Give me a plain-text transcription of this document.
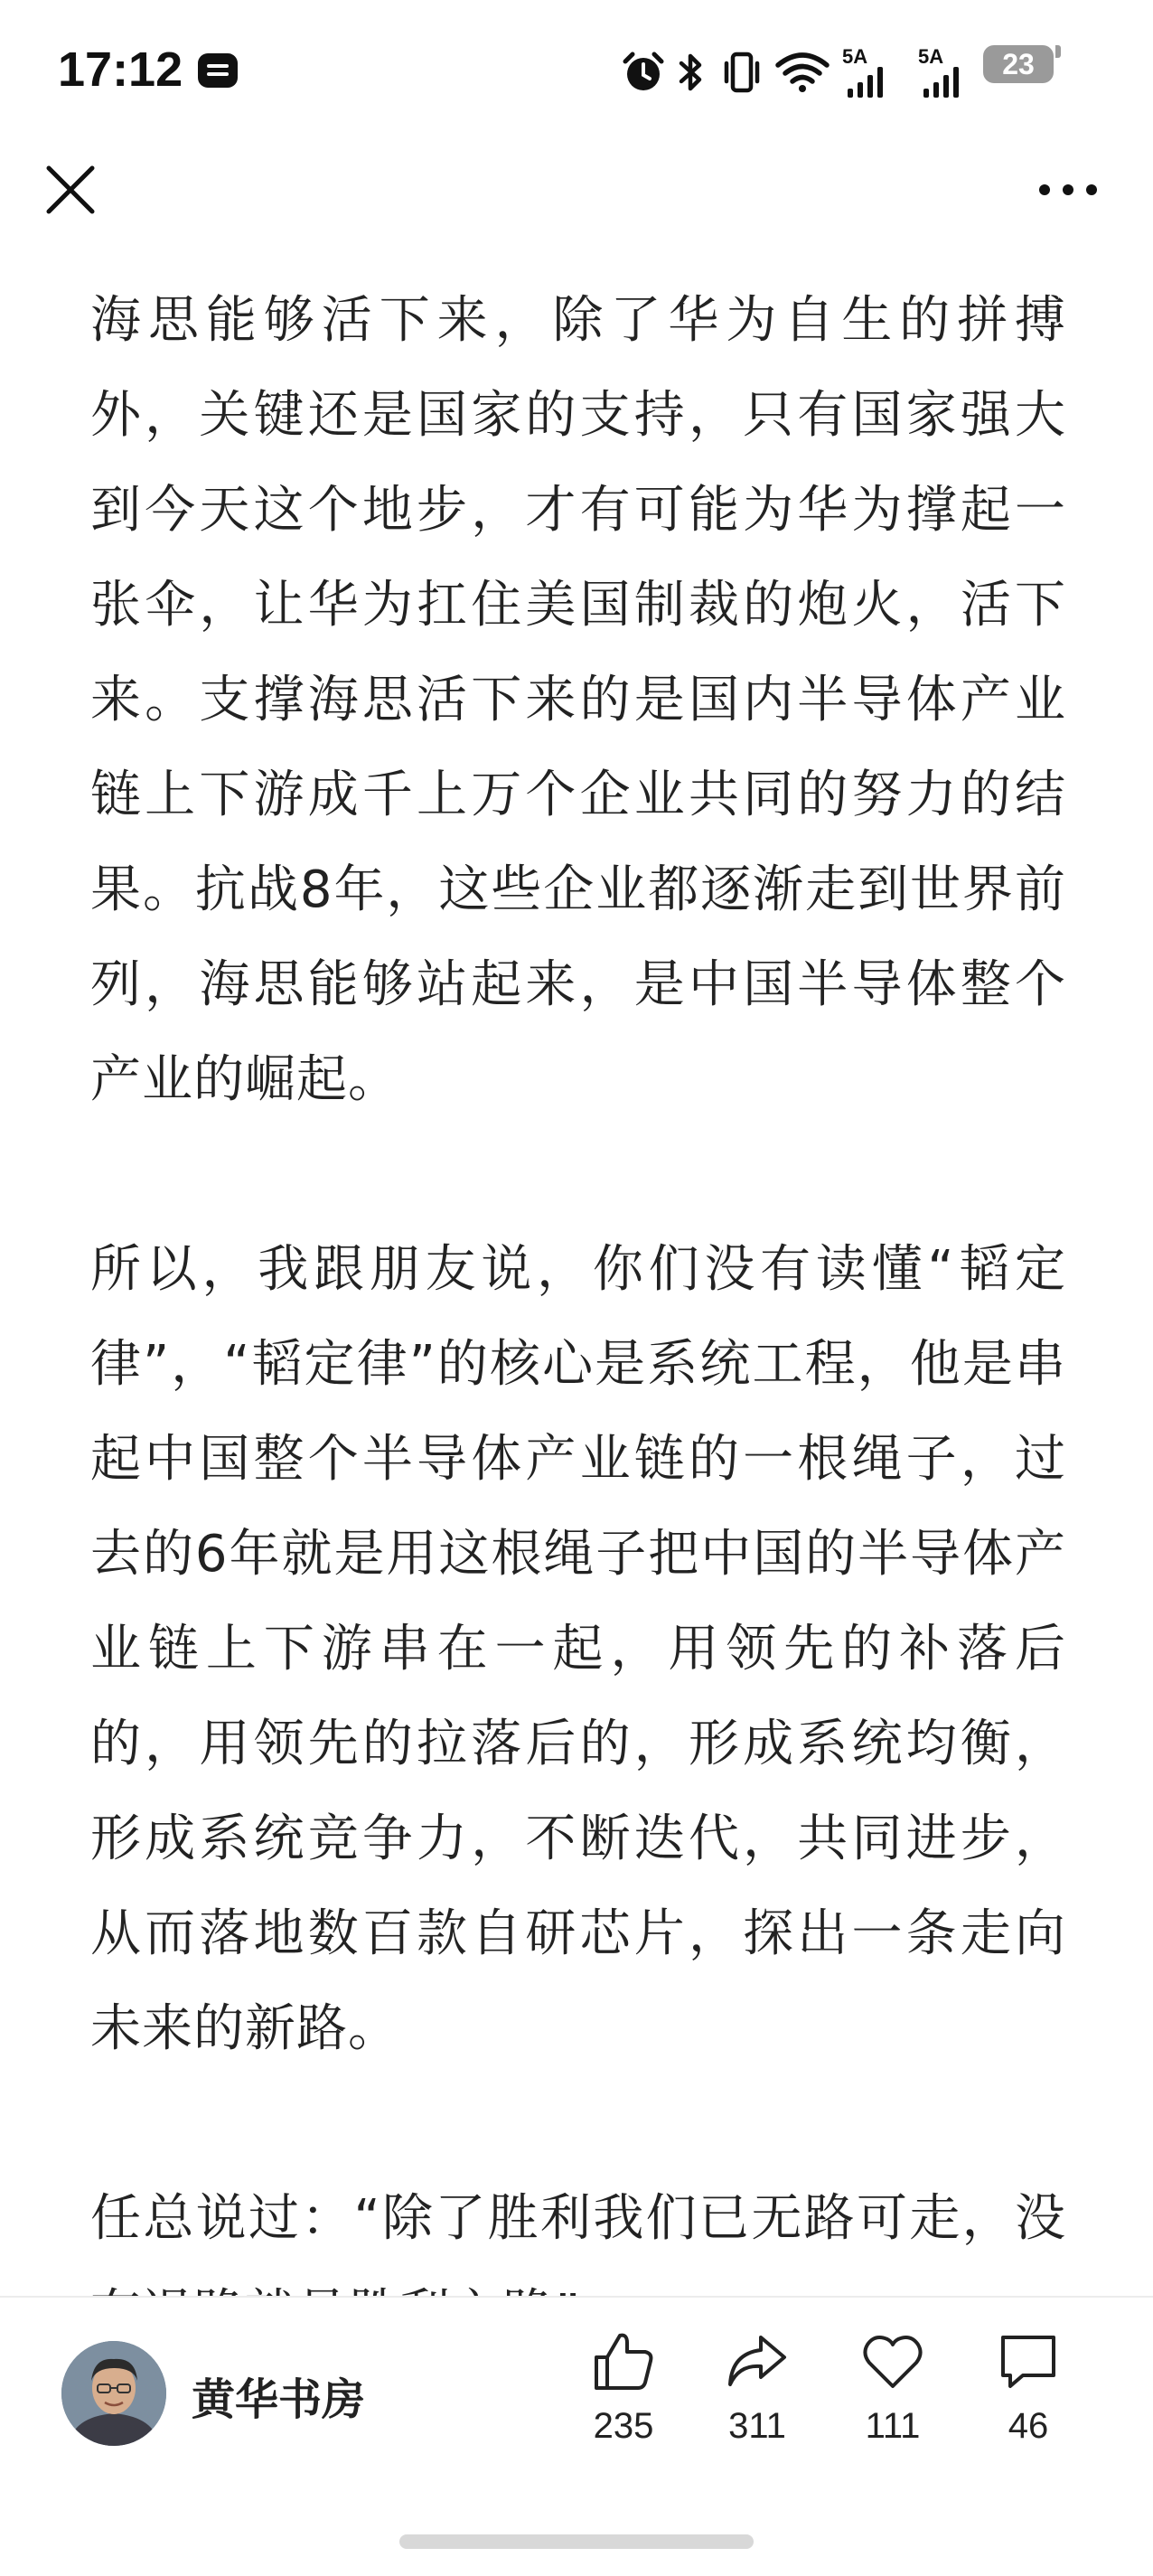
17:12	5A	5A	23

海思能够活下来，除了华为自生的拼搏外，关键还是国家的支持，只有国家强大到今天这个地步，才有可能为华为撑起一张伞，让华为扛住美国制裁的炮火，活下来。支撑海思活下来的是国内半导体产业链上下游成千上万个企业共同的努力的结果。抗战8年，这些企业都逐渐走到世界前列，海思能够站起来，是中国半导体整个产业的崛起。

所以，我跟朋友说，你们没有读懂“韬定律”，“韬定律”的核心是系统工程，他是串起中国整个半导体产业链的一根绳子，过去的6年就是用这根绳子把中国的半导体产业链上下游串在一起，用领先的补落后的，用领先的拉落后的，形成系统均衡，形成系统竞争力，不断迭代，共同进步，从而落地数百款自研芯片，探出一条走向未来的新路。

任总说过：“除了胜利我们已无路可走，没

黄华书房
235	311	111	46
